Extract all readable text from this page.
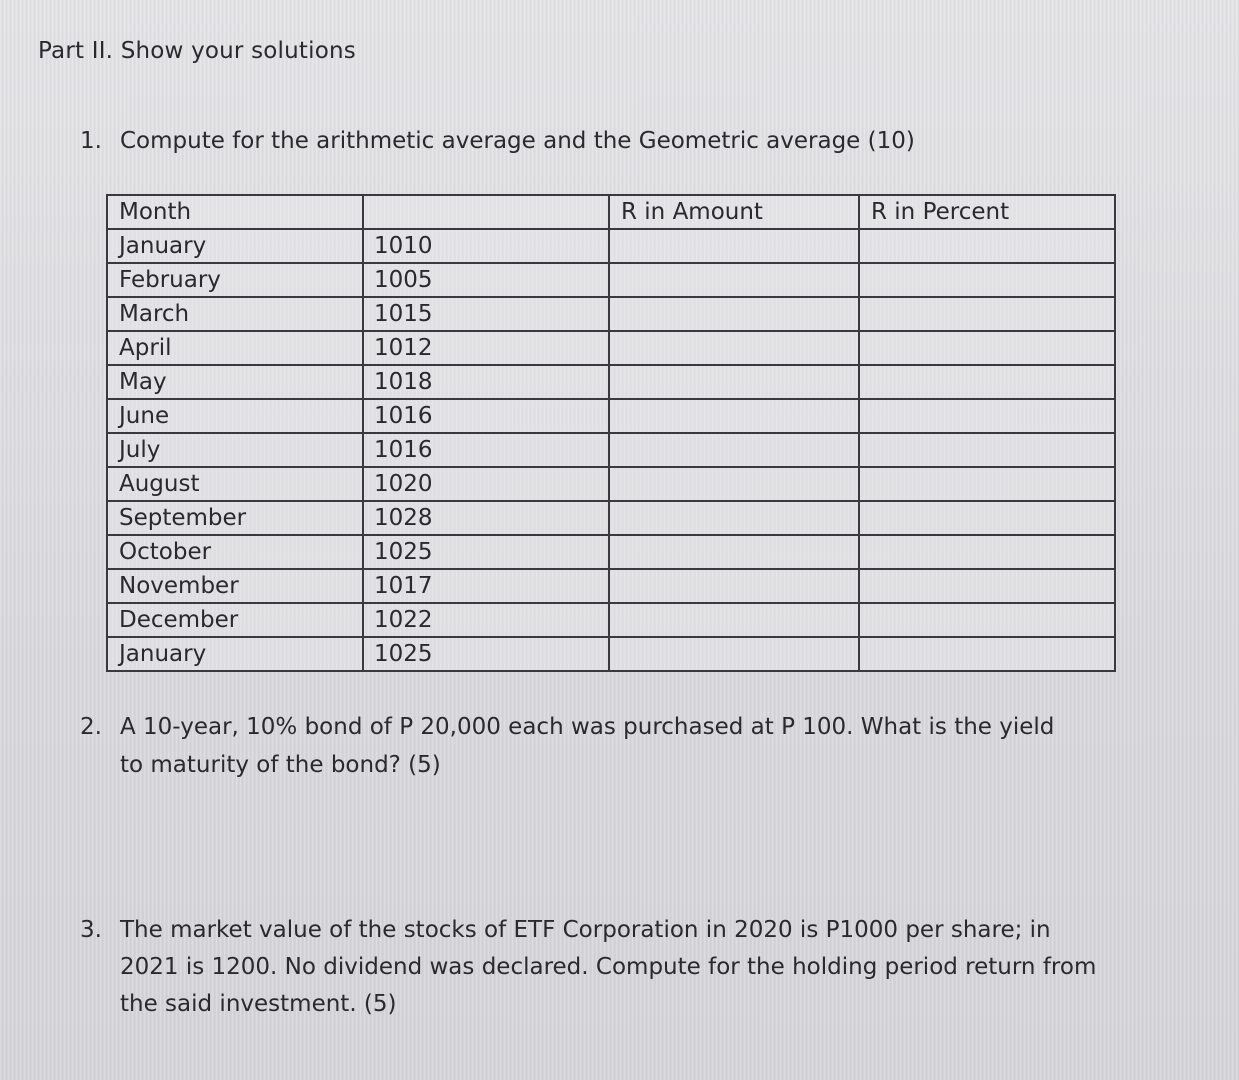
Part II. Show your solutions
1. Compute for the arithmetic average and the Geometric average (10)
Month		R in Amount	R in Percent
January	1010		
February	1005		
March	1015		
April	1012		
May	1018		
June	1016		
July	1016		
August	1020		
September	1028		
October	1025		
November	1017		
December	1022		
January	1025		
2. A 10-year, 10% bond of P 20,000 each was purchased at P 100. What is the yield to maturity of the bond? (5)
3. The market value of the stocks of ETF Corporation in 2020 is P1000 per share; in 2021 is 1200. No dividend was declared. Compute for the holding period return from the said investment. (5)
